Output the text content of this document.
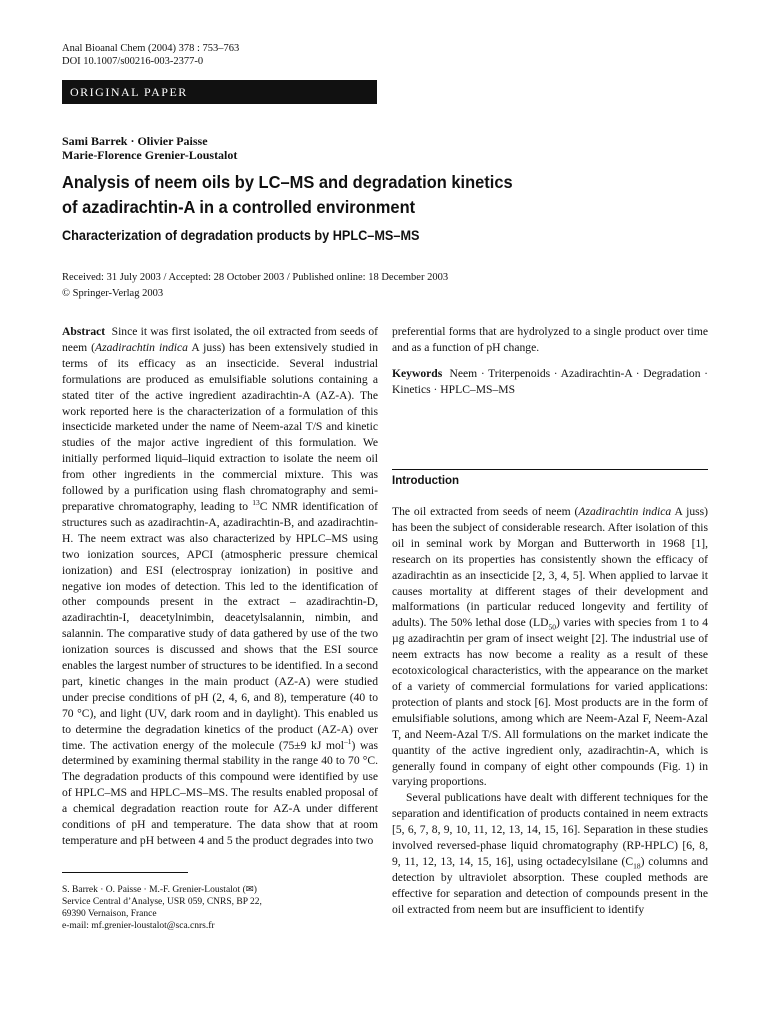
Anal Bioanal Chem (2004) 378 : 753–763
DOI 10.1007/s00216-003-2377-0
ORIGINAL PAPER
Sami Barrek · Olivier Paisse
Marie-Florence Grenier-Loustalot
Analysis of neem oils by LC–MS and degradation kinetics
of azadirachtin-A in a controlled environment
Characterization of degradation products by HPLC–MS–MS
Received: 31 July 2003 / Accepted: 28 October 2003 / Published online: 18 December 2003
© Springer-Verlag 2003

Abstract Since it was first isolated, the oil extracted from seeds of neem (Azadirachtin indica A juss) has been extensively studied in terms of its efficacy as an insecticide. Several industrial formulations are produced as emulsifiable solutions containing a stated titer of the active ingredient azadirachtin-A (AZ-A). The work reported here is the characterization of a formulation of this insecticide marketed under the name of Neem-azal T/S and kinetic studies of the major active ingredient of this formulation. We initially performed liquid–liquid extraction to isolate the neem oil from other ingredients in the commercial mixture. This was followed by a purification using flash chromatography and semi-preparative chromatography, leading to $^{13}$C NMR identification of structures such as azadirachtin-A, azadirachtin-B, and azadirachtin-H. The neem extract was also characterized by HPLC–MS using two ionization sources, APCI (atmospheric pressure chemical ionization) and ESI (electrospray ionization) in positive and negative ion modes of detection. This led to the identification of other compounds present in the extract – azadirachtin-D, azadirachtin-I, deacetylnimbin, deacetylsalannin, nimbin, and salannin. The comparative study of data gathered by use of the two ionization sources is discussed and shows that the ESI source enables the largest number of structures to be identified. In a second part, kinetic changes in the main product (AZ-A) were studied under precise conditions of pH (2, 4, 6, and 8), temperature (40 to 70 °C), and light (UV, dark room and in daylight). This enabled us to determine the degradation kinetics of the product (AZ-A) over time. The activation energy of the molecule (75±9 kJ mol$^{-1}$) was determined by examining thermal stability in the range 40 to 70 °C. The degradation products of this compound were identified by use of HPLC–MS and HPLC–MS–MS. The results enabled proposal of a chemical degradation reaction route for AZ-A under different conditions of pH and temperature. The data show that at room temperature and pH between 4 and 5 the product degrades into two

Keywords Neem · Triterpenoids · Azadirachtin-A · Degradation · Kinetics · HPLC–MS–MS

Introduction

The oil extracted from seeds of neem (Azadirachtin indica A juss) has been the subject of considerable research. After isolation of this oil in seminal work by Morgan and Butterworth in 1968 [1], research on its properties has consistently shown the efficacy of azadirachtin as an insecticide [2, 3, 4, 5]. When applied to larvae it causes mortality at different stages of their development and malformations (in particular reduced longevity and fertility of adults). The 50% lethal dose $(LD_{50})$ varies with species from 1 to 4 µg azadirachtin per gram of insect weight [2]. The industrial use of neem extracts has now become a reality as a result of these ecotoxicological characteristics, with the appearance on the market of a variety of commercial formulations for varied applications: protection of plants and stock [6]. Most products are in the form of emulsifiable solutions, among which are Neem-Azal F, Neem-Azal T, and Neem-Azal T/S. All formulations on the market indicate the quantity of the active ingredient only, azadirachtin-A, which is generally found in company of eight other compounds (Fig. 1) in varying proportions.

Several publications have dealt with different techniques for the separation and identification of products contained in neem extracts [5, 6, 7, 8, 9, 10, 11, 12, 13, 14, 15, 16]. Separation in these studies involved reversed-phase liquid chromatography (RP-HPLC) [6, 8, 9, 11, 12, 13, 14, 15, 16], using octadecylsilane $(C_{18})$ columns and detection by ultraviolet absorption. These coupled methods are effective for separation and detection of compounds present in the oil extracted from neem but are insufficient to identify

S. Barrek · O. Paisse · M.-F. Grenier-Loustalot (✉)
Service Central d’Analyse, USR 059, CNRS, BP 22,
69390 Vernaison, France
e-mail: mf.grenier-loustalot@sca.cnrs.fr

preferential forms that are hydrolyzed to a single product over time and as a function of pH change.
